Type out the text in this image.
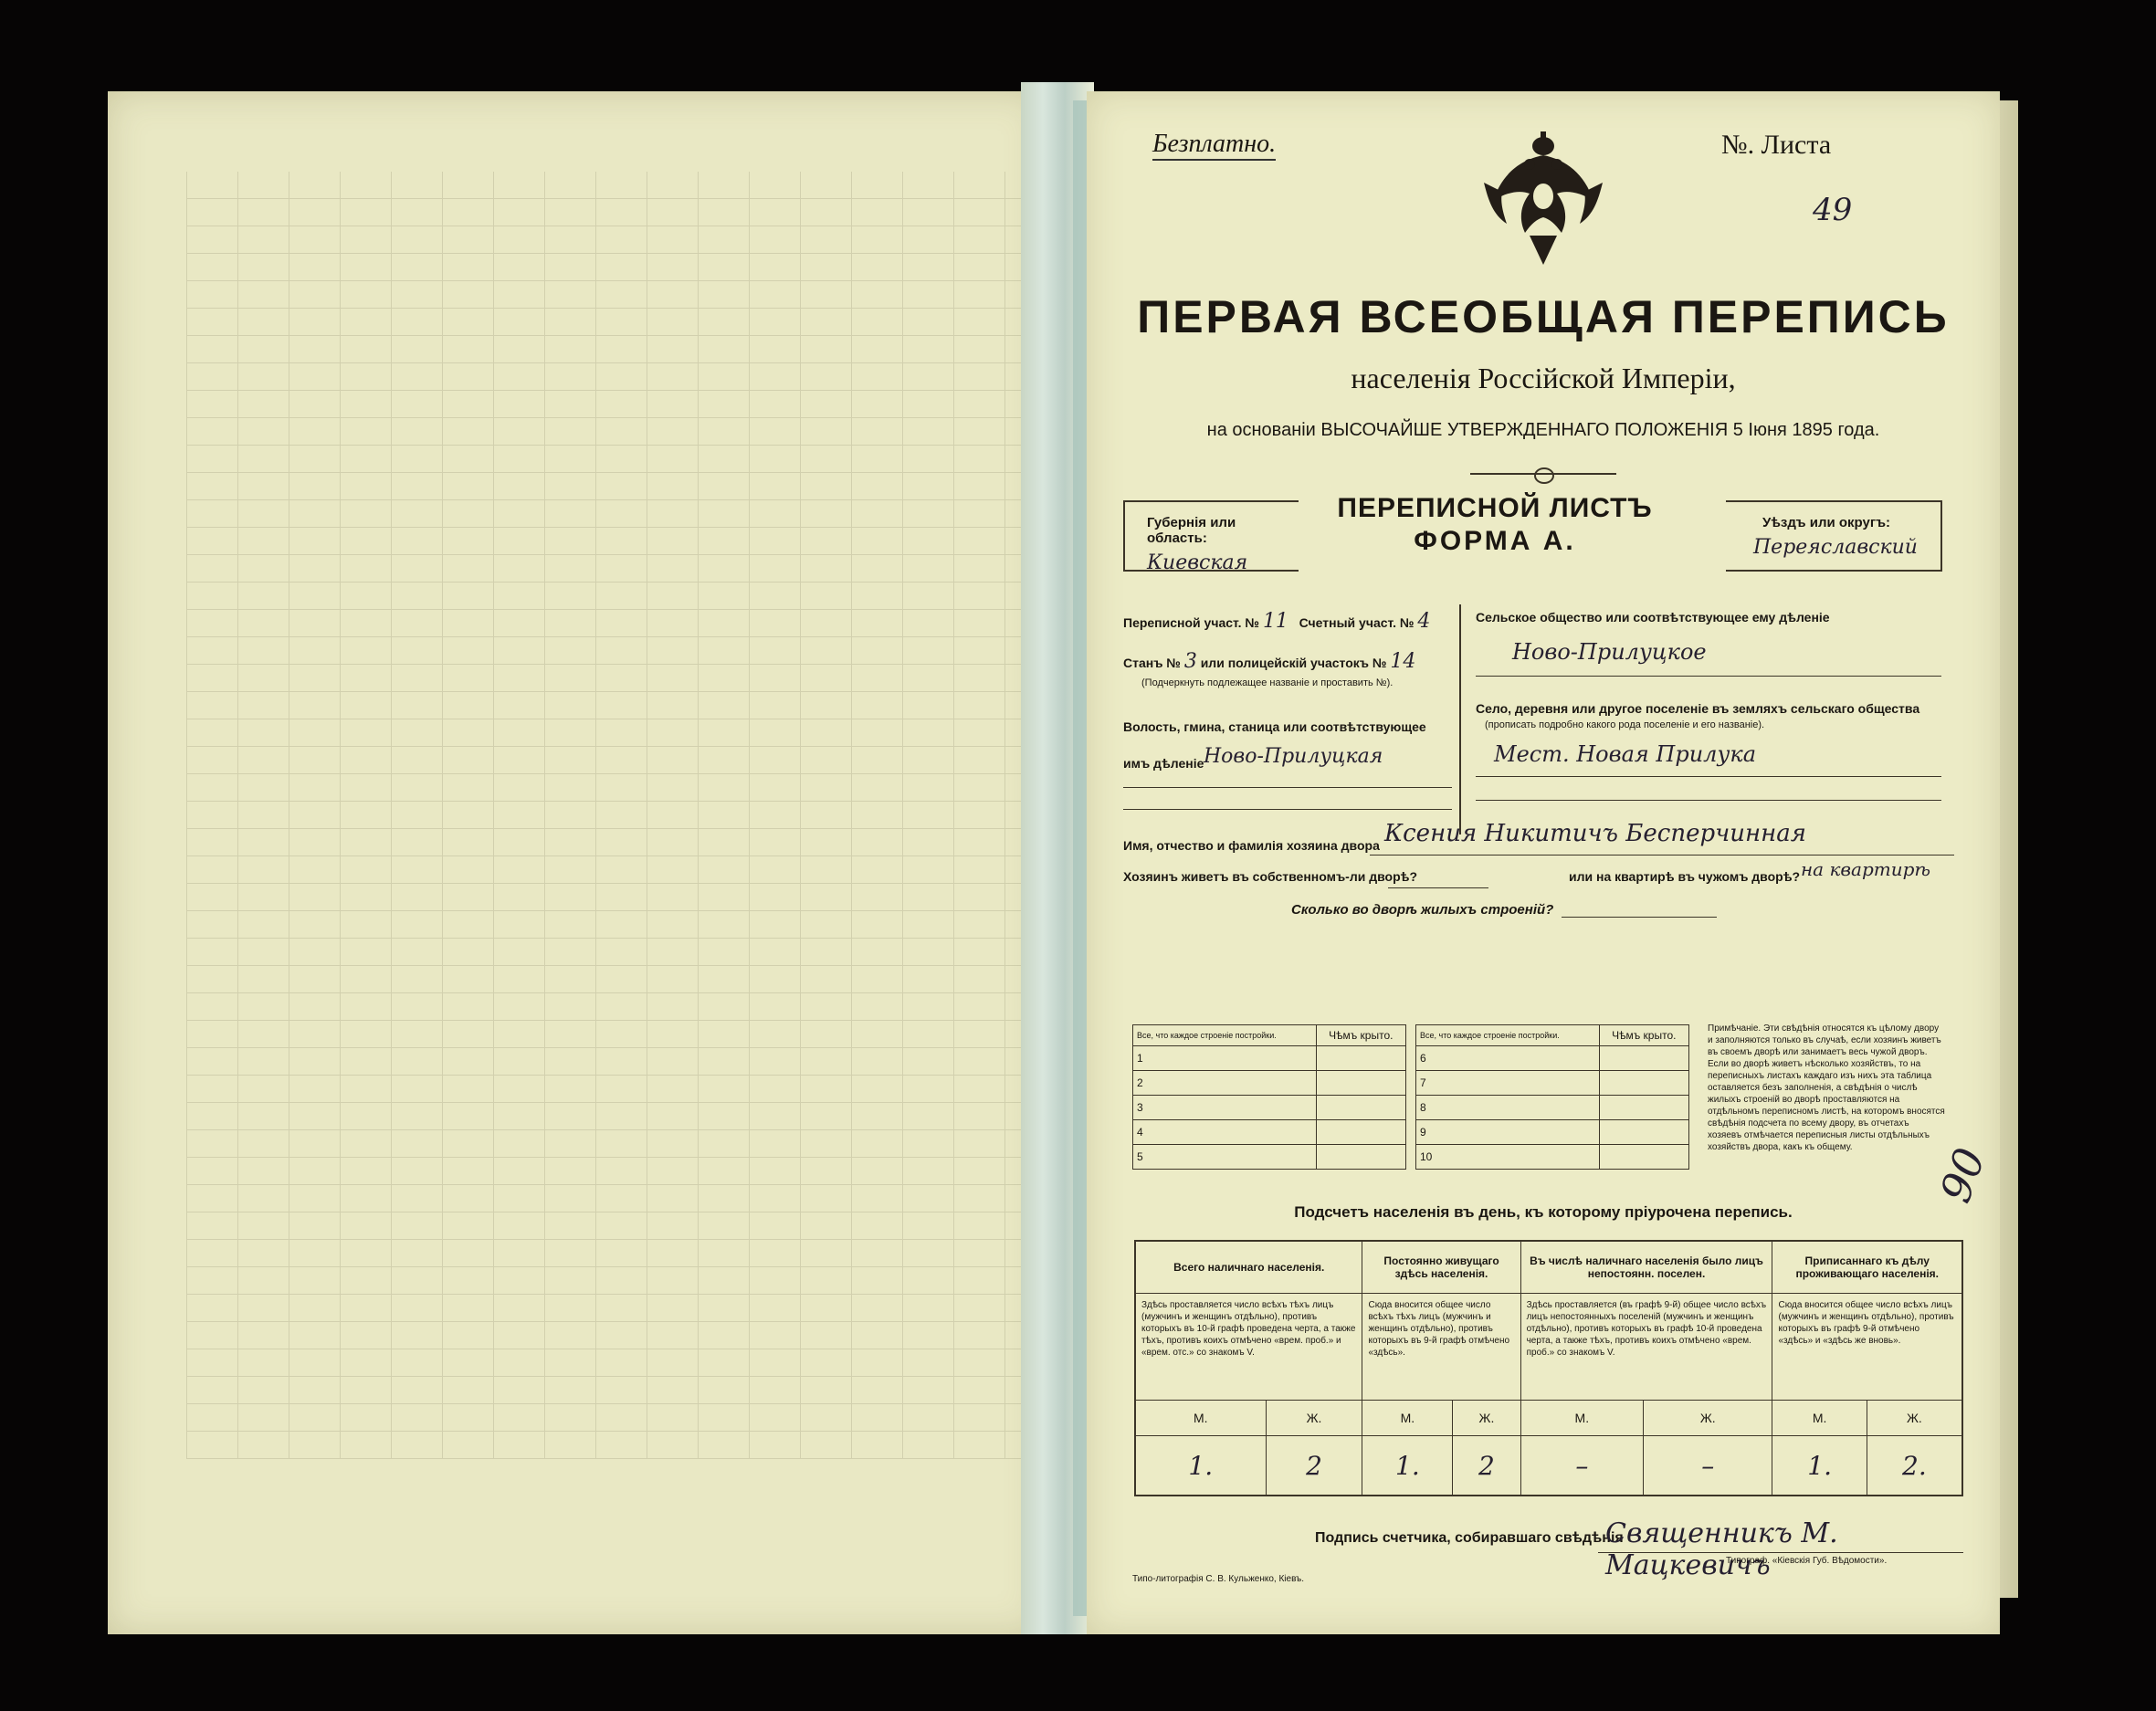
Безплатно.	№. Листа
49
ПЕРВАЯ ВСЕОБЩАЯ ПЕРЕПИСЬ
населенія Россійской Имперіи,
на основаніи ВЫСОЧАЙШЕ УТВЕРЖДЕННАГО ПОЛОЖЕНІЯ 5 Іюня 1895 года.
Губернія или область:
Киевская
ПЕРЕПИСНОЙ ЛИСТЪ
ФОРМА А.
Уѣздъ или округъ:
Переяславский
Переписной участ. № 11 Счетный участ. № 4
Станъ № 3 или полицейскій участокъ № 14
(Подчеркнуть подлежащее названіе и проставить №).
Волость, гмина, станица или соотвѣтствующее
имъ дѣленіе Ново-Прилуцкая
Сельское общество или соотвѣтствующее ему дѣленіе
Ново-Прилуцкое
Село, деревня или другое поселеніе въ земляхъ сельскаго общества
(прописать подробно какого рода поселеніе и его названіе).
Мест. Новая Прилука
Имя, отчество и фамилія хозяина двора Ксения Никитичъ Бесперчинная
Хозяинъ живетъ въ собственномъ-ли дворѣ?	или на квартирѣ въ чужомъ дворѣ? на квартирѣ
Сколько во дворѣ жилыхъ строеній?
Все, что каждое строеніе постройки.	Чѣмъ крыто.
1	
2	
3	
4	
5	
Все, что каждое строеніе постройки.	Чѣмъ крыто.
6	
7	
8	
9	
10	
Примѣчаніе. Эти свѣдѣнія относятся къ цѣлому двору и заполняются только въ случаѣ, если хозяинъ живетъ въ своемъ дворѣ или занимаетъ весь чужой дворъ. Если во дворѣ живетъ нѣсколько хозяйствъ, то на переписныхъ листахъ каждаго изъ нихъ эта таблица оставляется безъ заполненія, а свѣдѣнія о числѣ жилыхъ строеній во дворѣ проставляются на отдѣльномъ переписномъ листѣ, на которомъ вносятся свѣдѣнія подсчета по всему двору, въ отчетахъ хозяевъ отмѣчается переписныя листы отдѣльныхъ хозяйствъ двора, какъ къ общему.
Подсчетъ населенія въ день, къ которому пріурочена перепись.
Всего наличнаго населенія.		Постоянно живущаго здѣсь населенія.		Въ числѣ наличнаго населенія было лицъ непостоянн. поселен.		Приписаннаго къ дѣлу проживающаго населенія.	
Здѣсь проставляется число всѣхъ тѣхъ лицъ (мужчинъ и женщинъ отдѣльно), противъ которыхъ въ 10-й графѣ проведена черта, а также тѣхъ, противъ коихъ отмѣчено «врем. проб.» и «врем. отс.» со знакомъ V.		Сюда вносится общее число всѣхъ тѣхъ лицъ (мужчинъ и женщинъ отдѣльно), противъ которыхъ въ 9-й графѣ отмѣчено «здѣсь».		Здѣсь проставляется (въ графѣ 9-й) общее число всѣхъ лицъ непостоянныхъ поселеній (мужчинъ и женщинъ отдѣльно), противъ которыхъ въ графѣ 10-й проведена черта, а также тѣхъ, противъ коихъ отмѣчено «врем. проб.» со знакомъ V.		Сюда вносится общее число всѣхъ лицъ (мужчинъ и женщинъ отдѣльно), противъ которыхъ въ графѣ 9-й отмѣчено «здѣсь» и «здѣсь же вновь».	
М.	Ж.	М.	Ж.	М.	Ж.	М.	Ж.
1.	2	1.	2	–	–	1.	2.
Подпись счетчика, собиравшаго свѣдѣнія
Священникъ М. Мацкевичъ
Типо-литографія С. В. Кульженко, Кіевъ.
Типограф. «Кіевскія Губ. Вѣдомости».
90
